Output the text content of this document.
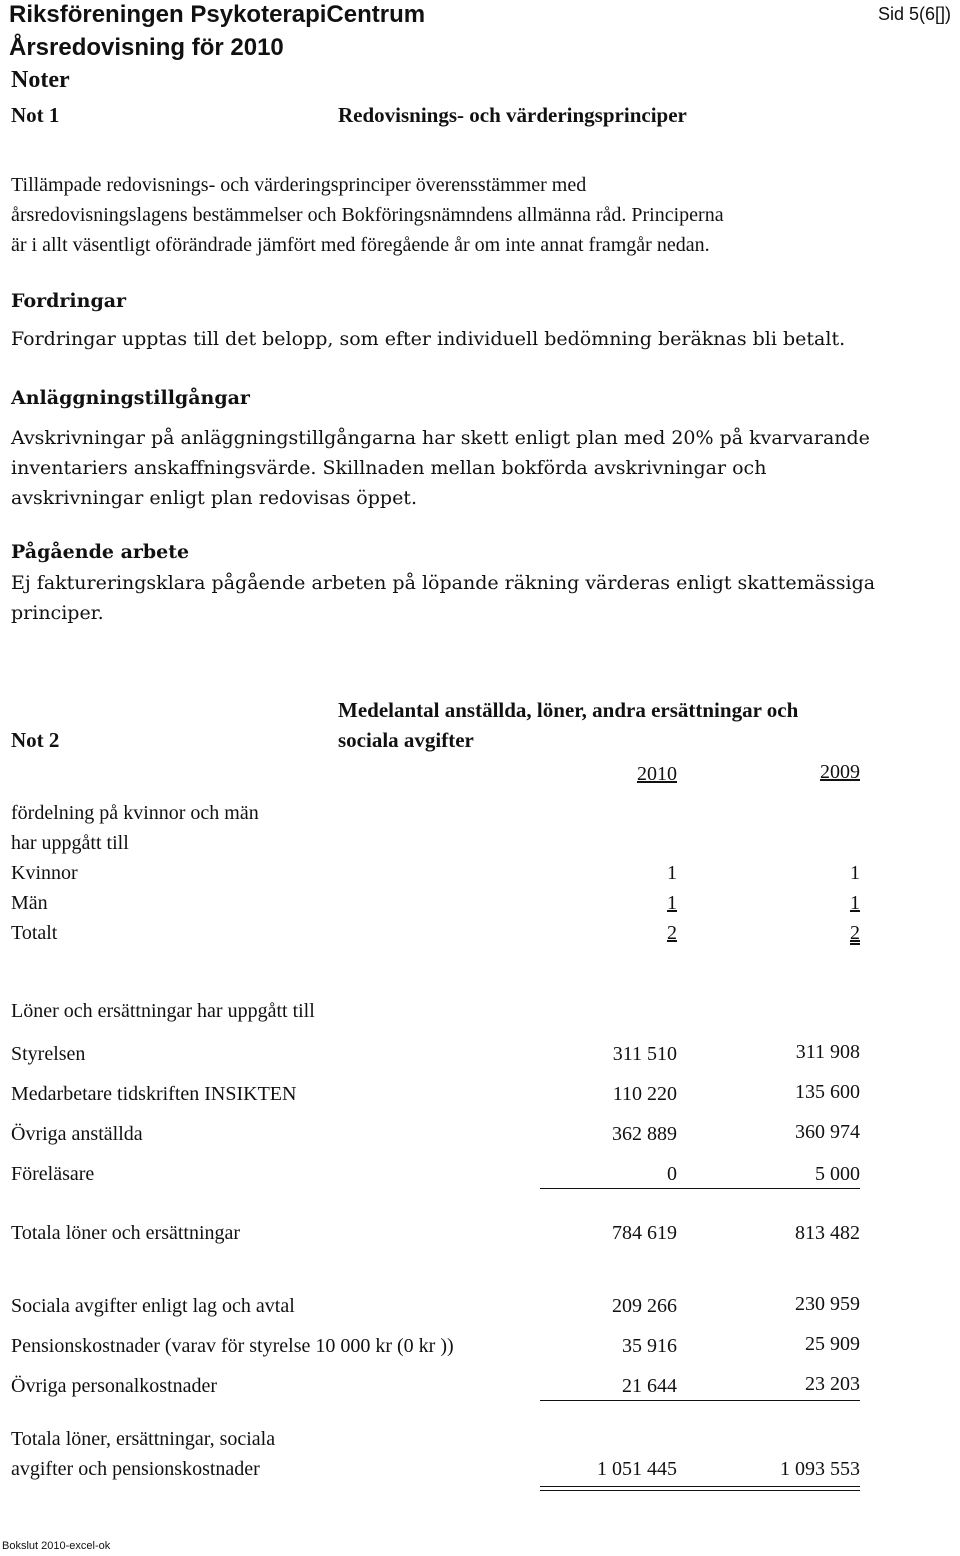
Riksföreningen PsykoterapiCentrum
Årsredovisning för 2010
Sid 5(6[])
Noter
Not 1	Redovisnings- och värderingsprinciper
Tillämpade redovisnings- och värderingsprinciper överensstämmer med
årsredovisningslagens bestämmelser och Bokföringsnämndens allmänna råd. Principerna
är i allt väsentligt oförändrade jämfört med föregående år om inte annat framgår nedan.
Fordringar
Fordringar upptas till det belopp, som efter individuell bedömning beräknas bli betalt.
Anläggningstillgångar
Avskrivningar på anläggningstillgångarna har skett enligt plan med 20% på kvarvarande
inventariers anskaffningsvärde. Skillnaden mellan bokförda avskrivningar och
avskrivningar enligt plan redovisas öppet.
Pågående arbete
Ej faktureringsklara pågående arbeten på löpande räkning värderas enligt skattemässiga
principer.
Not 2
Medelantal anställda, löner, andra ersättningar och
sociala avgifter
2010	2009
fördelning på kvinnor och män
har uppgått till
Kvinnor	1	1
Män	1	1
Totalt	2	2
Löner och ersättningar har uppgått till
Styrelsen	311 510	311 908
Medarbetare tidskriften INSIKTEN	110 220	135 600
Övriga anställda	362 889	360 974
Föreläsare	0	5 000
Totala löner och ersättningar	784 619	813 482
Sociala avgifter enligt lag och avtal	209 266	230 959
Pensionskostnader (varav för styrelse 10 000 kr (0 kr ))	35 916	25 909
Övriga personalkostnader	21 644	23 203
Totala löner, ersättningar, sociala
avgifter och pensionskostnader	1 051 445	1 093 553
Bokslut 2010-excel-ok
